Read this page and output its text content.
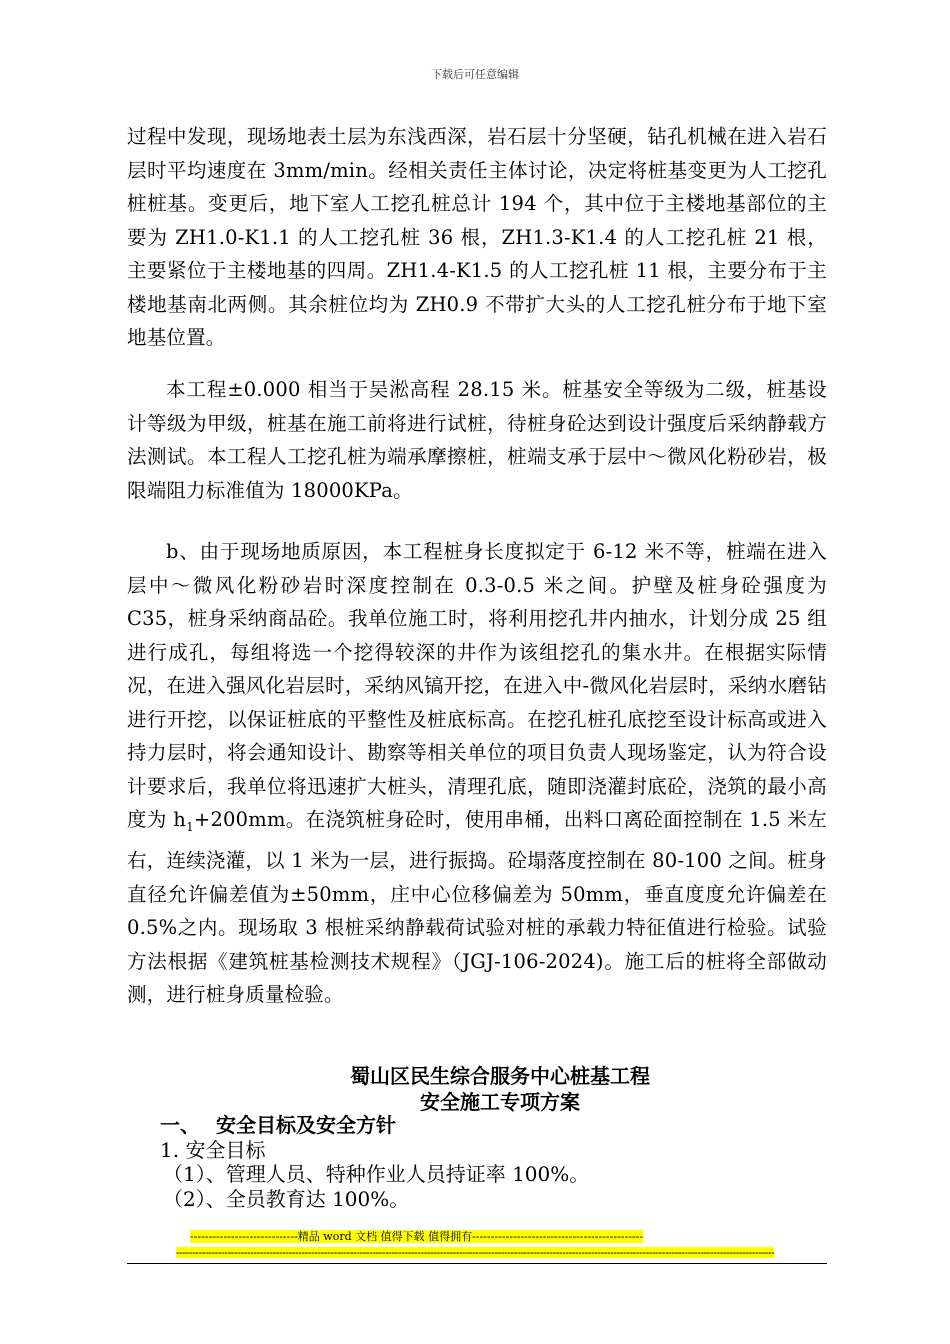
下载后可任意编辑

过程中发现，现场地表土层为东浅西深，岩石层十分坚硬，钻孔机械在进入岩石层时平均速度在 3mm/min。经相关责任主体讨论，决定将桩基变更为人工挖孔桩桩基。变更后，地下室人工挖孔桩总计 194 个，其中位于主楼地基部位的主要为 ZH1.0-K1.1 的人工挖孔桩 36 根，ZH1.3-K1.4 的人工挖孔桩 21 根，主要紧位于主楼地基的四周。ZH1.4-K1.5 的人工挖孔桩 11 根，主要分布于主楼地基南北两侧。其余桩位均为 ZH0.9 不带扩大头的人工挖孔桩分布于地下室地基位置。

本工程±0.000 相当于吴淞高程 28.15 米。桩基安全等级为二级，桩基设计等级为甲级，桩基在施工前将进行试桩，待桩身砼达到设计强度后采纳静载方法测试。本工程人工挖孔桩为端承摩擦桩，桩端支承于层中～微风化粉砂岩，极限端阻力标准值为 18000KPa。

b、由于现场地质原因，本工程桩身长度拟定于 6-12 米不等，桩端在进入层中～微风化粉砂岩时深度控制在 0.3-0.5 米之间。护壁及桩身砼强度为 C35，桩身采纳商品砼。我单位施工时，将利用挖孔井内抽水，计划分成 25 组进行成孔，每组将选一个挖得较深的井作为该组挖孔的集水井。在根据实际情况，在进入强风化岩层时，采纳风镐开挖，在进入中-微风化岩层时，采纳水磨钻进行开挖，以保证桩底的平整性及桩底标高。在挖孔桩孔底挖至设计标高或进入持力层时，将会通知设计、勘察等相关单位的项目负责人现场鉴定，认为符合设计要求后，我单位将迅速扩大桩头，清理孔底，随即浇灌封底砼，浇筑的最小高度为 $h_1+200mm$。在浇筑桩身砼时，使用串桶，出料口离砼面控制在 1.5 米左右，连续浇灌，以 1 米为一层，进行振捣。砼塌落度控制在 80-100 之间。桩身直径允许偏差值为±50mm，庄中心位移偏差为 50mm，垂直度度允许偏差在 0.5%之内。现场取 3 根桩采纳静载荷试验对桩的承载力特征值进行检验。试验方法根据《建筑桩基检测技术规程》（JGJ-106-2024)。施工后的桩将全部做动测，进行桩身质量检验。

蜀山区民生综合服务中心桩基工程
安全施工专项方案
一、 安全目标及安全方针
1. 安全目标
（1）、管理人员、特种作业人员持证率 100%。
（2）、全员教育达 100%。
-----------------------------精品 word 文档 值得下载 值得拥有----------------------------------------------
------------------------------------------------------------------------------------------------------------------------------------------------------------------------------------------
